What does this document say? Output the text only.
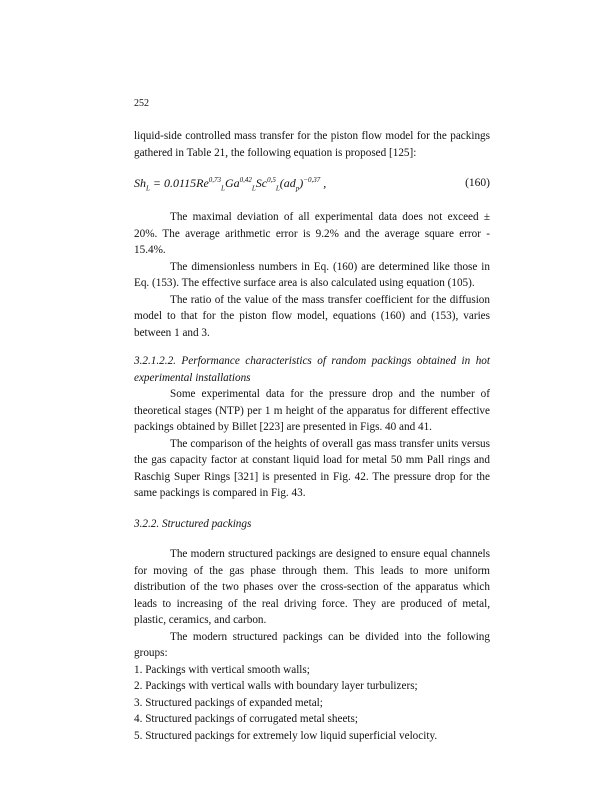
252

liquid-side controlled mass transfer for the piston flow model for the packings gathered in Table 21, the following equation is proposed [125]:

$Sh_L = 0.0115Re^{0,73}_LGa^{0,42}_LSc^{0,5}_L(ad_p)^{-0,37}$ ,	(160)

The maximal deviation of all experimental data does not exceed ± 20%. The average arithmetic error is 9.2% and the average square error - 15.4%.

The dimensionless numbers in Eq. (160) are determined like those in Eq. (153). The effective surface area is also calculated using equation (105).

The ratio of the value of the mass transfer coefficient for the diffusion model to that for the piston flow model, equations (160) and (153), varies between 1 and 3.

3.2.1.2.2. Performance characteristics of random packings obtained in hot experimental installations

Some experimental data for the pressure drop and the number of theoretical stages (NTP) per 1 m height of the apparatus for different effective packings obtained by Billet [223] are presented in Figs. 40 and 41.

The comparison of the heights of overall gas mass transfer units versus the gas capacity factor at constant liquid load for metal 50 mm Pall rings and Raschig Super Rings [321] is presented in Fig. 42. The pressure drop for the same packings is compared in Fig. 43.

3.2.2. Structured packings

The modern structured packings are designed to ensure equal channels for moving of the gas phase through them. This leads to more uniform distribution of the two phases over the cross-section of the apparatus which leads to increasing of the real driving force. They are produced of metal, plastic, ceramics, and carbon.

The modern structured packings can be divided into the following groups:

1. Packings with vertical smooth walls;

2. Packings with vertical walls with boundary layer turbulizers;

3. Structured packings of expanded metal;

4. Structured packings of corrugated metal sheets;

5. Structured packings for extremely low liquid superficial velocity.
